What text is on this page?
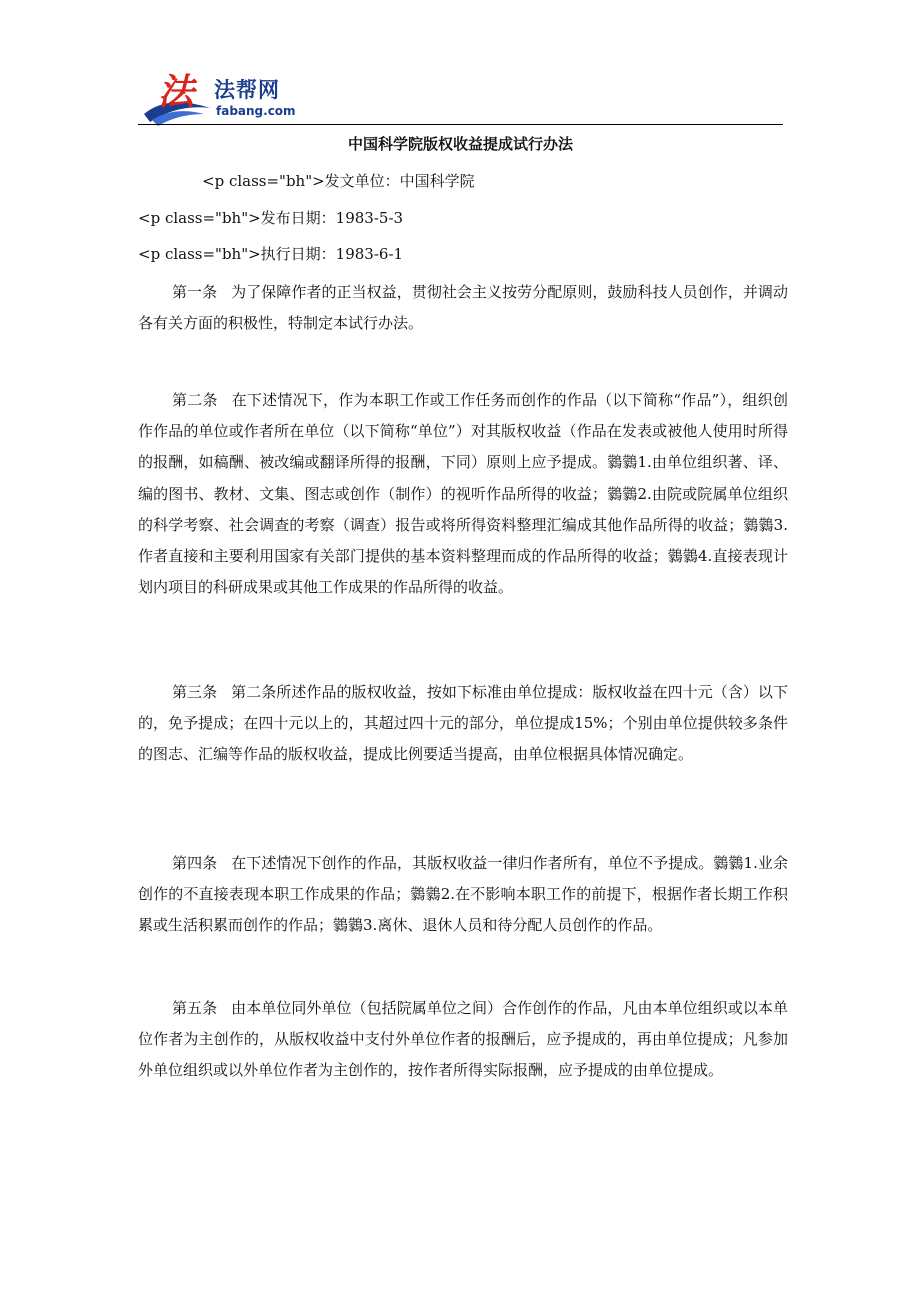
法 法帮网
fabang.com
中国科学院版权收益提成试行办法
<p class="bh">发文单位：中国科学院
<p class="bh">发布日期：1983-5-3
<p class="bh">执行日期：1983-6-1

第一条 为了保障作者的正当权益，贯彻社会主义按劳分配原则，鼓励科技人员创作，并调动各有关方面的积极性，特制定本试行办法。

第二条 在下述情况下，作为本职工作或工作任务而创作的作品（以下简称“作品”），组织创作作品的单位或作者所在单位（以下简称“单位”）对其版权收益（作品在发表或被他人使用时所得的报酬，如稿酬、被改编或翻译所得的报酬，下同）原则上应予提成。鸏鸏1.由单位组织著、译、编的图书、教材、文集、图志或创作（制作）的视听作品所得的收益；鸏鸏2.由院或院属单位组织的科学考察、社会调查的考察（调查）报告或将所得资料整理汇编成其他作品所得的收益；鸏鸏3.作者直接和主要利用国家有关部门提供的基本资料整理而成的作品所得的收益；鸏鸏4.直接表现计划内项目的科研成果或其他工作成果的作品所得的收益。

第三条 第二条所述作品的版权收益，按如下标准由单位提成：版权收益在四十元（含）以下的，免予提成；在四十元以上的，其超过四十元的部分，单位提成15%；个别由单位提供较多条件的图志、汇编等作品的版权收益，提成比例要适当提高，由单位根据具体情况确定。

第四条 在下述情况下创作的作品，其版权收益一律归作者所有，单位不予提成。鸏鸏1.业余创作的不直接表现本职工作成果的作品；鸏鸏2.在不影响本职工作的前提下，根据作者长期工作积累或生活积累而创作的作品；鸏鸏3.离休、退休人员和待分配人员创作的作品。

第五条 由本单位同外单位（包括院属单位之间）合作创作的作品，凡由本单位组织或以本单位作者为主创作的，从版权收益中支付外单位作者的报酬后，应予提成的，再由单位提成；凡参加外单位组织或以外单位作者为主创作的，按作者所得实际报酬，应予提成的由单位提成。
